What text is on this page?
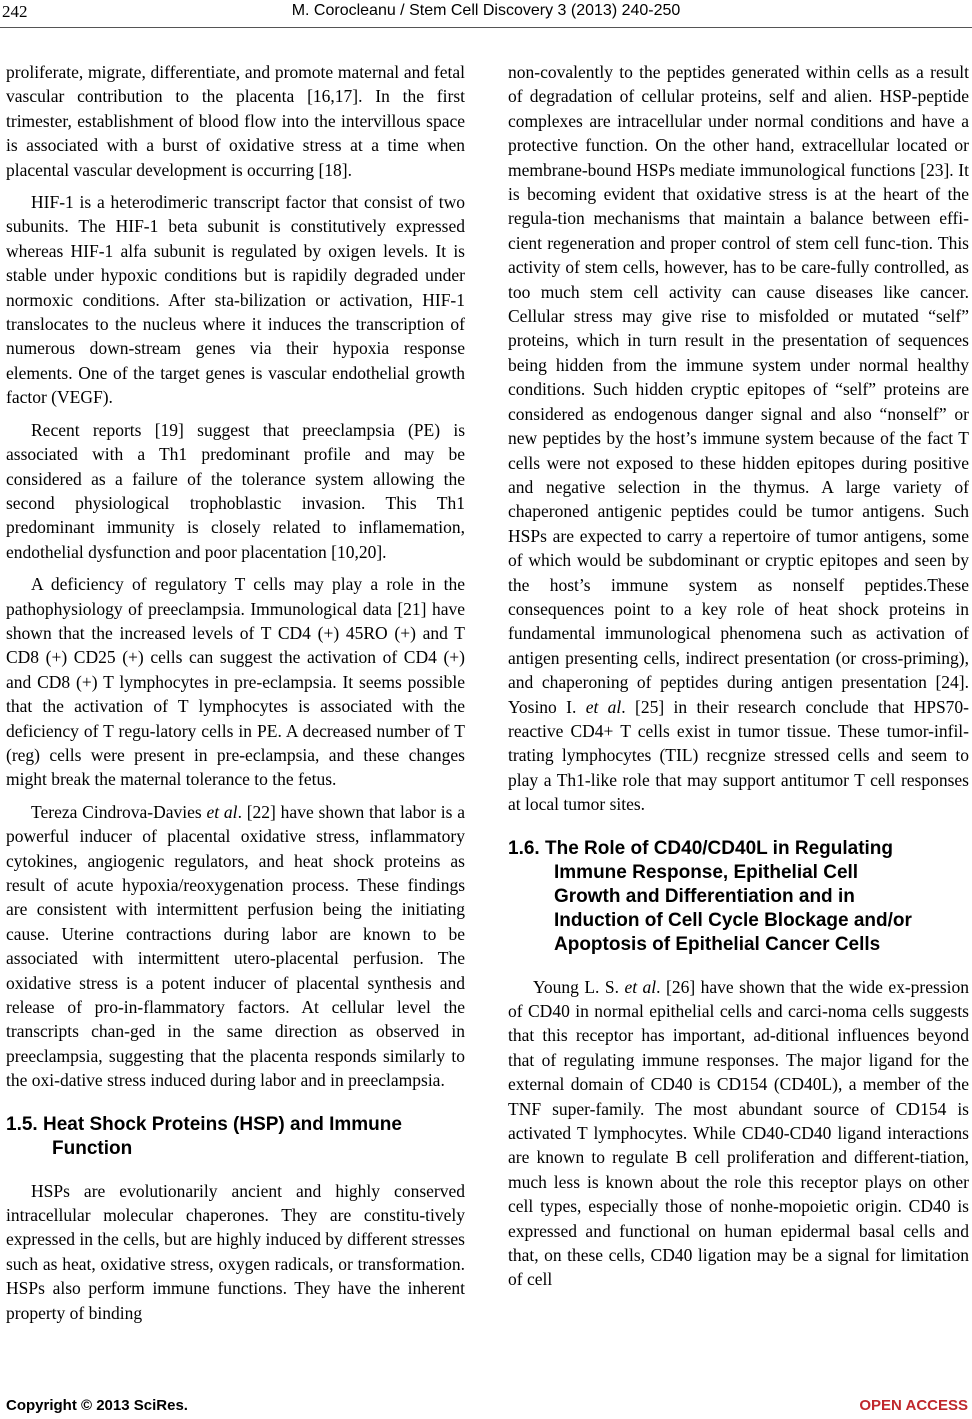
242	M. Corocleanu / Stem Cell Discovery 3 (2013) 240-250

proliferate, migrate, differentiate, and promote maternal and fetal vascular contribution to the placenta [16,17]. In the first trimester, establishment of blood flow into the intervillous space is associated with a burst of oxidative stress at a time when placental vascular development is occurring [18].

HIF-1 is a heterodimeric transcript factor that consist of two subunits. The HIF-1 beta subunit is constitutively expressed whereas HIF-1 alfa subunit is regulated by oxigen levels. It is stable under hypoxic conditions but is rapidily degraded under normoxic conditions. After sta-bilization or activation, HIF-1 translocates to the nucleus where it induces the transcription of numerous down-stream genes via their hypoxia response elements. One of the target genes is vascular endothelial growth factor (VEGF).

Recent reports [19] suggest that preeclampsia (PE) is associated with a Th1 predominant profile and may be considered as a failure of the tolerance system allowing the second physiological trophoblastic invasion. This Th1 predominant immunity is closely related to inflamemation, endothelial dysfunction and poor placentation [10,20].

A deficiency of regulatory T cells may play a role in the pathophysiology of preeclampsia. Immunological data [21] have shown that the increased levels of T CD4 (+) 45RO (+) and T CD8 (+) CD25 (+) cells can suggest the activation of CD4 (+) and CD8 (+) T lymphocytes in pre-eclampsia. It seems possible that the activation of T lymphocytes is associated with the deficiency of T regu-latory cells in PE. A decreased number of T (reg) cells were present in pre-eclampsia, and these changes might break the maternal tolerance to the fetus.

Tereza Cindrova-Davies et al. [22] have shown that labor is a powerful inducer of placental oxidative stress, inflammatory cytokines, angiogenic regulators, and heat shock proteins as result of acute hypoxia/reoxygenation process. These findings are consistent with intermittent perfusion being the initiating cause. Uterine contractions during labor are known to be associated with intermittent utero-placental perfusion. The oxidative stress is a potent inducer of placental synthesis and release of pro-in-flammatory factors. At cellular level the transcripts chan-ged in the same direction as observed in preeclampsia, suggesting that the placenta responds similarly to the oxi-dative stress induced during labor and in preeclampsia.

1.5. Heat Shock Proteins (HSP) and Immune
Function

HSPs are evolutionarily ancient and highly conserved intracellular molecular chaperones. They are constitu-tively expressed in the cells, but are highly induced by different stresses such as heat, oxidative stress, oxygen radicals, or transformation. HSPs also perform immune functions. They have the inherent property of binding

non-covalently to the peptides generated within cells as a result of degradation of cellular proteins, self and alien. HSP-peptide complexes are intracellular under normal conditions and have a protective function. On the other hand, extracellular located or membrane-bound HSPs mediate immunological functions [23]. It is becoming evident that oxidative stress is at the heart of the regula-tion mechanisms that maintain a balance between effi-cient regeneration and proper control of stem cell func-tion. This activity of stem cells, however, has to be care-fully controlled, as too much stem cell activity can cause diseases like cancer. Cellular stress may give rise to misfolded or mutated “self” proteins, which in turn result in the presentation of sequences being hidden from the immune system under normal healthy conditions. Such hidden cryptic epitopes of “self” proteins are considered as endogenous danger signal and also “nonself” or new peptides by the host’s immune system because of the fact T cells were not exposed to these hidden epitopes during positive and negative selection in the thymus. A large variety of chaperoned antigenic peptides could be tumor antigens. Such HSPs are expected to carry a repertoire of tumor antigens, some of which would be subdominant or cryptic epitopes and seen by the host’s immune system as nonself peptides.These consequences point to a key role of heat shock proteins in fundamental immunological phenomena such as activation of antigen presenting cells, indirect presentation (or cross-priming), and chaperoning of peptides during antigen presentation [24]. Yosino I. et al. [25] in their research conclude that HPS70-reactive CD4+ T cells exist in tumor tissue. These tumor-infil-trating lymphocytes (TIL) recgnize stressed cells and seem to play a Th1-like role that may support antitumor T cell responses at local tumor sites.

1.6. The Role of CD40/CD40L in Regulating
Immune Response, Epithelial Cell
Growth and Differentiation and in
Induction of Cell Cycle Blockage and/or
Apoptosis of Epithelial Cancer Cells

Young L. S. et al. [26] have shown that the wide ex-pression of CD40 in normal epithelial cells and carci-noma cells suggests that this receptor has important, ad-ditional influences beyond that of regulating immune responses. The major ligand for the external domain of CD40 is CD154 (CD40L), a member of the TNF super-family. The most abundant source of CD154 is activated T lymphocytes. While CD40-CD40 ligand interactions are known to regulate B cell proliferation and different-tiation, much less is known about the role this receptor plays on other cell types, especially those of nonhe-mopoietic origin. CD40 is expressed and functional on human epidermal basal cells and that, on these cells, CD40 ligation may be a signal for limitation of cell

Copyright © 2013 SciRes.	OPEN ACCESS
